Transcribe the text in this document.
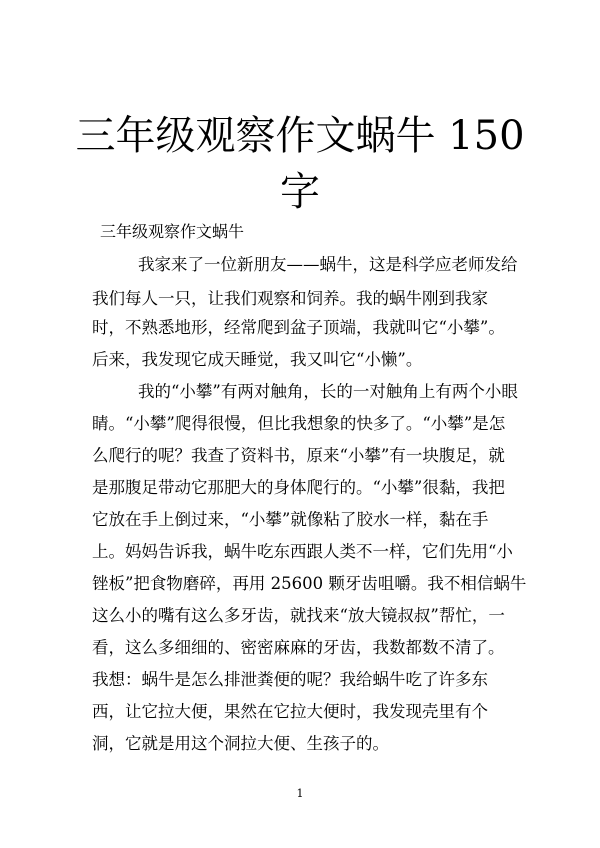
三年级观察作文蜗牛 150
字
三年级观察作文蜗牛
我家来了一位新朋友——蜗牛，这是科学应老师发给
我们每人一只，让我们观察和饲养。我的蜗牛刚到我家
时，不熟悉地形，经常爬到盆子顶端，我就叫它“小攀”。
后来，我发现它成天睡觉，我又叫它“小懒”。
我的“小攀”有两对触角，长的一对触角上有两个小眼
睛。“小攀”爬得很慢，但比我想象的快多了。“小攀”是怎
么爬行的呢？我查了资料书，原来“小攀”有一块腹足，就
是那腹足带动它那肥大的身体爬行的。“小攀”很黏，我把
它放在手上倒过来，“小攀”就像粘了胶水一样，黏在手
上。妈妈告诉我，蜗牛吃东西跟人类不一样，它们先用“小
锉板”把食物磨碎，再用 25600 颗牙齿咀嚼。我不相信蜗牛
这么小的嘴有这么多牙齿，就找来“放大镜叔叔”帮忙，一
看，这么多细细的、密密麻麻的牙齿，我数都数不清了。
我想：蜗牛是怎么排泄粪便的呢？我给蜗牛吃了许多东
西，让它拉大便，果然在它拉大便时，我发现壳里有个
洞，它就是用这个洞拉大便、生孩子的。
1
